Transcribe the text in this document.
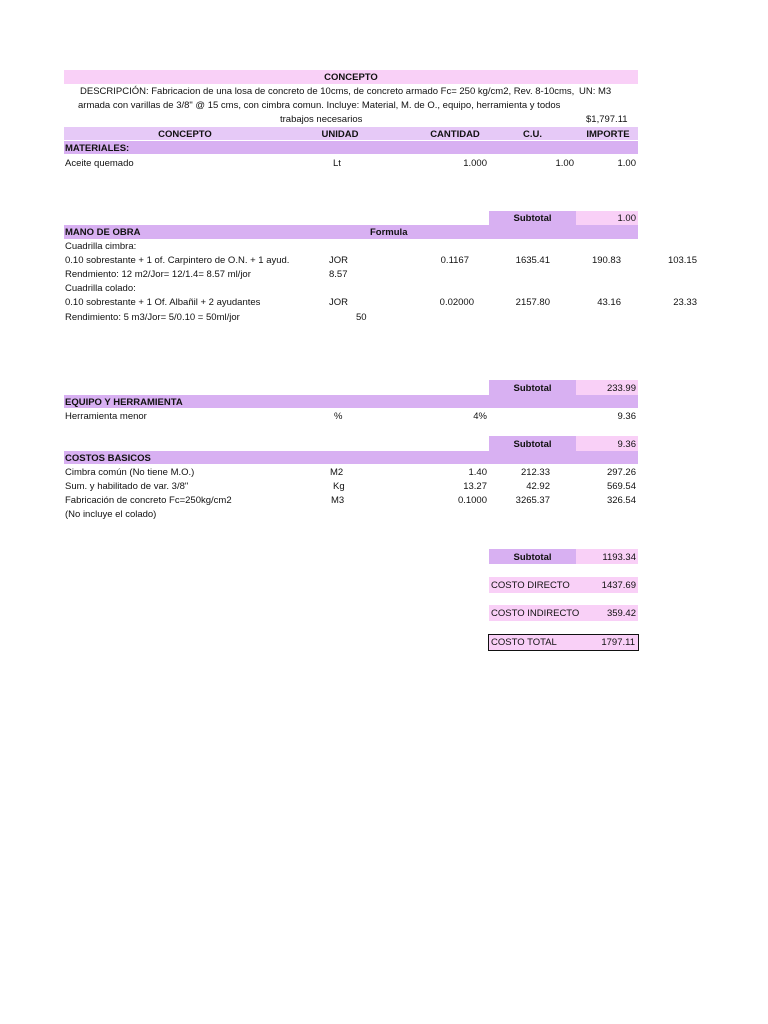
CONCEPTO
DESCRIPCIÓN: Fabricacion de una losa de concreto de 10cms, de concreto armado Fc= 250 kg/cm2, Rev. 8-10cms, UN: M3
armada con varillas de 3/8" @ 15 cms, con cimbra comun. Incluye: Material, M. de O., equipo, herramienta y todos
trabajos necesarios	$1,797.11
CONCEPTO	UNIDAD	CANTIDAD	C.U.	IMPORTE
MATERIALES:
Aceite quemado	Lt	1.000	1.00	1.00
Subtotal	1.00
MANO DE OBRA	Formula
Cuadrilla cimbra:
0.10 sobrestante + 1 of. Carpintero de O.N. + 1 ayud.	JOR	0.1167	1635.41	190.83	103.15
Rendmiento: 12 m2/Jor= 12/1.4= 8.57 ml/jor	8.57
Cuadrilla colado:
0.10 sobrestante + 1 Of. Albañil + 2 ayudantes	JOR	0.02000	2157.80	43.16	23.33
Rendimiento: 5 m3/Jor= 5/0.10 = 50ml/jor	50
Subtotal	233.99
EQUIPO Y HERRAMIENTA
Herramienta menor	%	4%	9.36
Subtotal	9.36
COSTOS BASICOS
Cimbra común (No tiene M.O.)	M2	1.40	212.33	297.26
Sum. y habilitado de var. 3/8"	Kg	13.27	42.92	569.54
Fabricación de concreto Fc=250kg/cm2	M3	0.1000	3265.37	326.54
(No incluye el colado)
Subtotal	1193.34
COSTO DIRECTO	1437.69
COSTO INDIRECTO	359.42
COSTO TOTAL	1797.11
